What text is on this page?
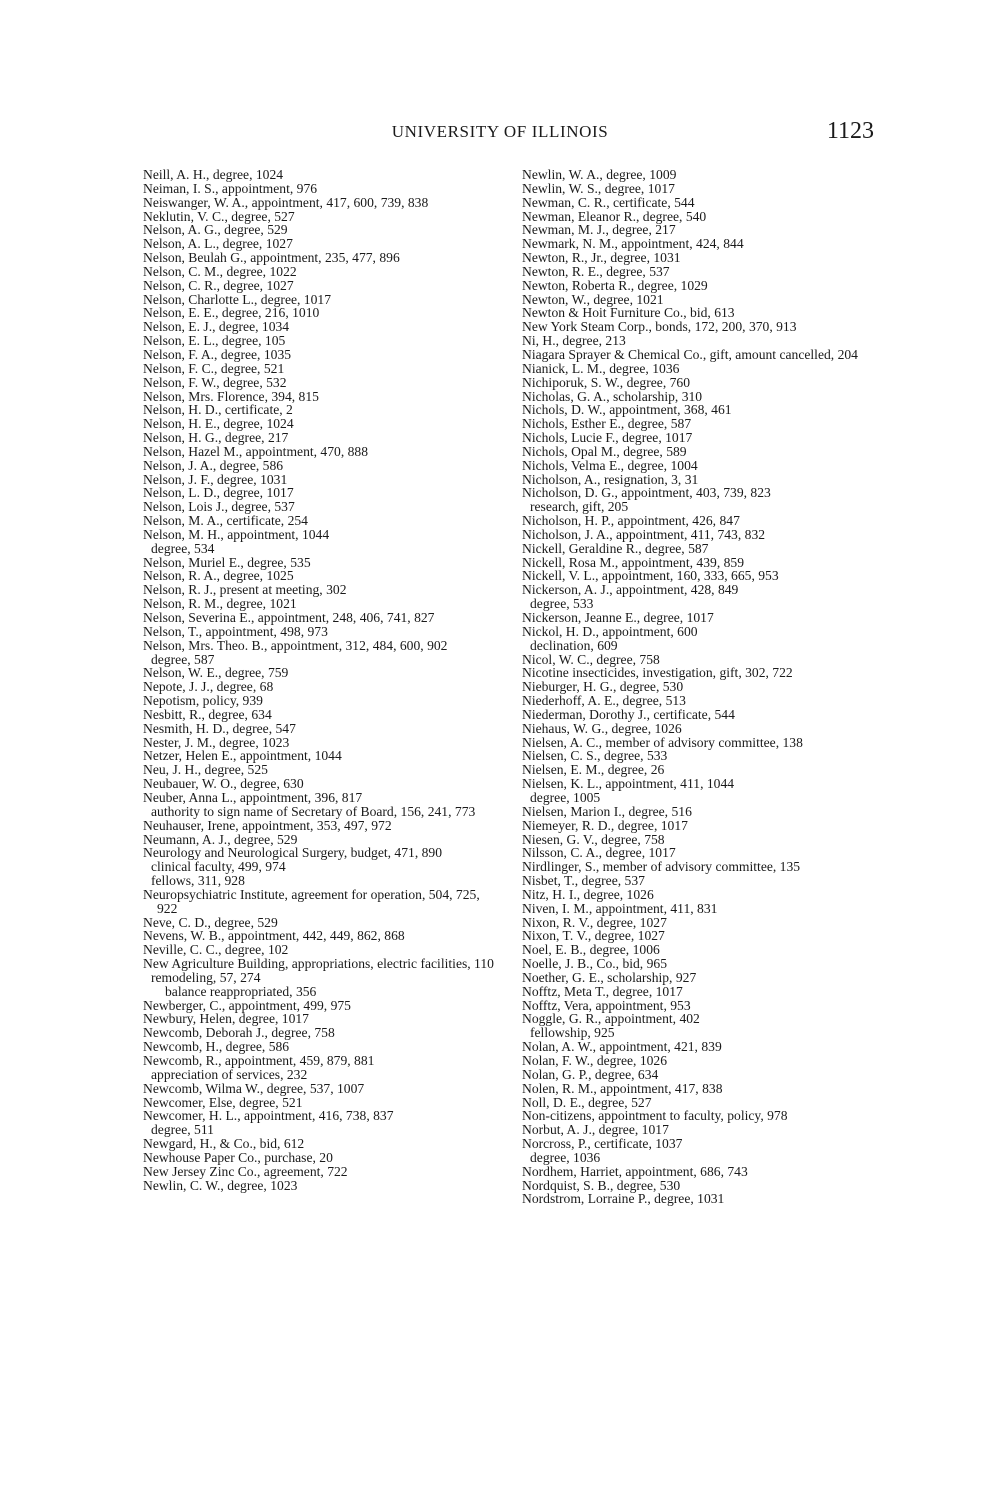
UNIVERSITY OF ILLINOIS	1123

Neill, A. H., degree, 1024

Neiman, I. S., appointment, 976

Neiswanger, W. A., appointment, 417, 600, 739, 838

Neklutin, V. C., degree, 527

Nelson, A. G., degree, 529

Nelson, A. L., degree, 1027

Nelson, Beulah G., appointment, 235, 477, 896

Nelson, C. M., degree, 1022

Nelson, C. R., degree, 1027

Nelson, Charlotte L., degree, 1017

Nelson, E. E., degree, 216, 1010

Nelson, E. J., degree, 1034

Nelson, E. L., degree, 105

Nelson, F. A., degree, 1035

Nelson, F. C., degree, 521

Nelson, F. W., degree, 532

Nelson, Mrs. Florence, 394, 815

Nelson, H. D., certificate, 2

Nelson, H. E., degree, 1024

Nelson, H. G., degree, 217

Nelson, Hazel M., appointment, 470, 888

Nelson, J. A., degree, 586

Nelson, J. F., degree, 1031

Nelson, L. D., degree, 1017

Nelson, Lois J., degree, 537

Nelson, M. A., certificate, 254

Nelson, M. H., appointment, 1044

degree, 534

Nelson, Muriel E., degree, 535

Nelson, R. A., degree, 1025

Nelson, R. J., present at meeting, 302

Nelson, R. M., degree, 1021

Nelson, Severina E., appointment, 248, 406, 741, 827

Nelson, T., appointment, 498, 973

Nelson, Mrs. Theo. B., appointment, 312, 484, 600, 902

degree, 587

Nelson, W. E., degree, 759

Nepote, J. J., degree, 68

Nepotism, policy, 939

Nesbitt, R., degree, 634

Nesmith, H. D., degree, 547

Nester, J. M., degree, 1023

Netzer, Helen E., appointment, 1044

Neu, J. H., degree, 525

Neubauer, W. O., degree, 630

Neuber, Anna L., appointment, 396, 817

authority to sign name of Secretary of Board, 156, 241, 773

Neuhauser, Irene, appointment, 353, 497, 972

Neumann, A. J., degree, 529

Neurology and Neurological Surgery, budget, 471, 890

clinical faculty, 499, 974

fellows, 311, 928

Neuropsychiatric Institute, agreement for operation, 504, 725, 922

Neve, C. D., degree, 529

Nevens, W. B., appointment, 442, 449, 862, 868

Neville, C. C., degree, 102

New Agriculture Building, appropriations, electric facilities, 110

remodeling, 57, 274

balance reappropriated, 356

Newberger, C., appointment, 499, 975

Newbury, Helen, degree, 1017

Newcomb, Deborah J., degree, 758

Newcomb, H., degree, 586

Newcomb, R., appointment, 459, 879, 881

appreciation of services, 232

Newcomb, Wilma W., degree, 537, 1007

Newcomer, Else, degree, 521

Newcomer, H. L., appointment, 416, 738, 837

degree, 511

Newgard, H., & Co., bid, 612

Newhouse Paper Co., purchase, 20

New Jersey Zinc Co., agreement, 722

Newlin, C. W., degree, 1023

Newlin, W. A., degree, 1009

Newlin, W. S., degree, 1017

Newman, C. R., certificate, 544

Newman, Eleanor R., degree, 540

Newman, M. J., degree, 217

Newmark, N. M., appointment, 424, 844

Newton, R., Jr., degree, 1031

Newton, R. E., degree, 537

Newton, Roberta R., degree, 1029

Newton, W., degree, 1021

Newton & Hoit Furniture Co., bid, 613

New York Steam Corp., bonds, 172, 200, 370, 913

Ni, H., degree, 213

Niagara Sprayer & Chemical Co., gift, amount cancelled, 204

Nianick, L. M., degree, 1036

Nichiporuk, S. W., degree, 760

Nicholas, G. A., scholarship, 310

Nichols, D. W., appointment, 368, 461

Nichols, Esther E., degree, 587

Nichols, Lucie F., degree, 1017

Nichols, Opal M., degree, 589

Nichols, Velma E., degree, 1004

Nicholson, A., resignation, 3, 31

Nicholson, D. G., appointment, 403, 739, 823

research, gift, 205

Nicholson, H. P., appointment, 426, 847

Nicholson, J. A., appointment, 411, 743, 832

Nickell, Geraldine R., degree, 587

Nickell, Rosa M., appointment, 439, 859

Nickell, V. L., appointment, 160, 333, 665, 953

Nickerson, A. J., appointment, 428, 849

degree, 533

Nickerson, Jeanne E., degree, 1017

Nickol, H. D., appointment, 600

declination, 609

Nicol, W. C., degree, 758

Nicotine insecticides, investigation, gift, 302, 722

Nieburger, H. G., degree, 530

Niederhoff, A. E., degree, 513

Niederman, Dorothy J., certificate, 544

Niehaus, W. G., degree, 1026

Nielsen, A. C., member of advisory committee, 138

Nielsen, C. S., degree, 533

Nielsen, E. M., degree, 26

Nielsen, K. L., appointment, 411, 1044

degree, 1005

Nielsen, Marion I., degree, 516

Niemeyer, R. D., degree, 1017

Niesen, G. V., degree, 758

Nilsson, C. A., degree, 1017

Nirdlinger, S., member of advisory committee, 135

Nisbet, T., degree, 537

Nitz, H. I., degree, 1026

Niven, I. M., appointment, 411, 831

Nixon, R. V., degree, 1027

Nixon, T. V., degree, 1027

Noel, E. B., degree, 1006

Noelle, J. B., Co., bid, 965

Noether, G. E., scholarship, 927

Nofftz, Meta T., degree, 1017

Nofftz, Vera, appointment, 953

Noggle, G. R., appointment, 402

fellowship, 925

Nolan, A. W., appointment, 421, 839

Nolan, F. W., degree, 1026

Nolan, G. P., degree, 634

Nolen, R. M., appointment, 417, 838

Noll, D. E., degree, 527

Non-citizens, appointment to faculty, policy, 978

Norbut, A. J., degree, 1017

Norcross, P., certificate, 1037

degree, 1036

Nordhem, Harriet, appointment, 686, 743

Nordquist, S. B., degree, 530

Nordstrom, Lorraine P., degree, 1031
